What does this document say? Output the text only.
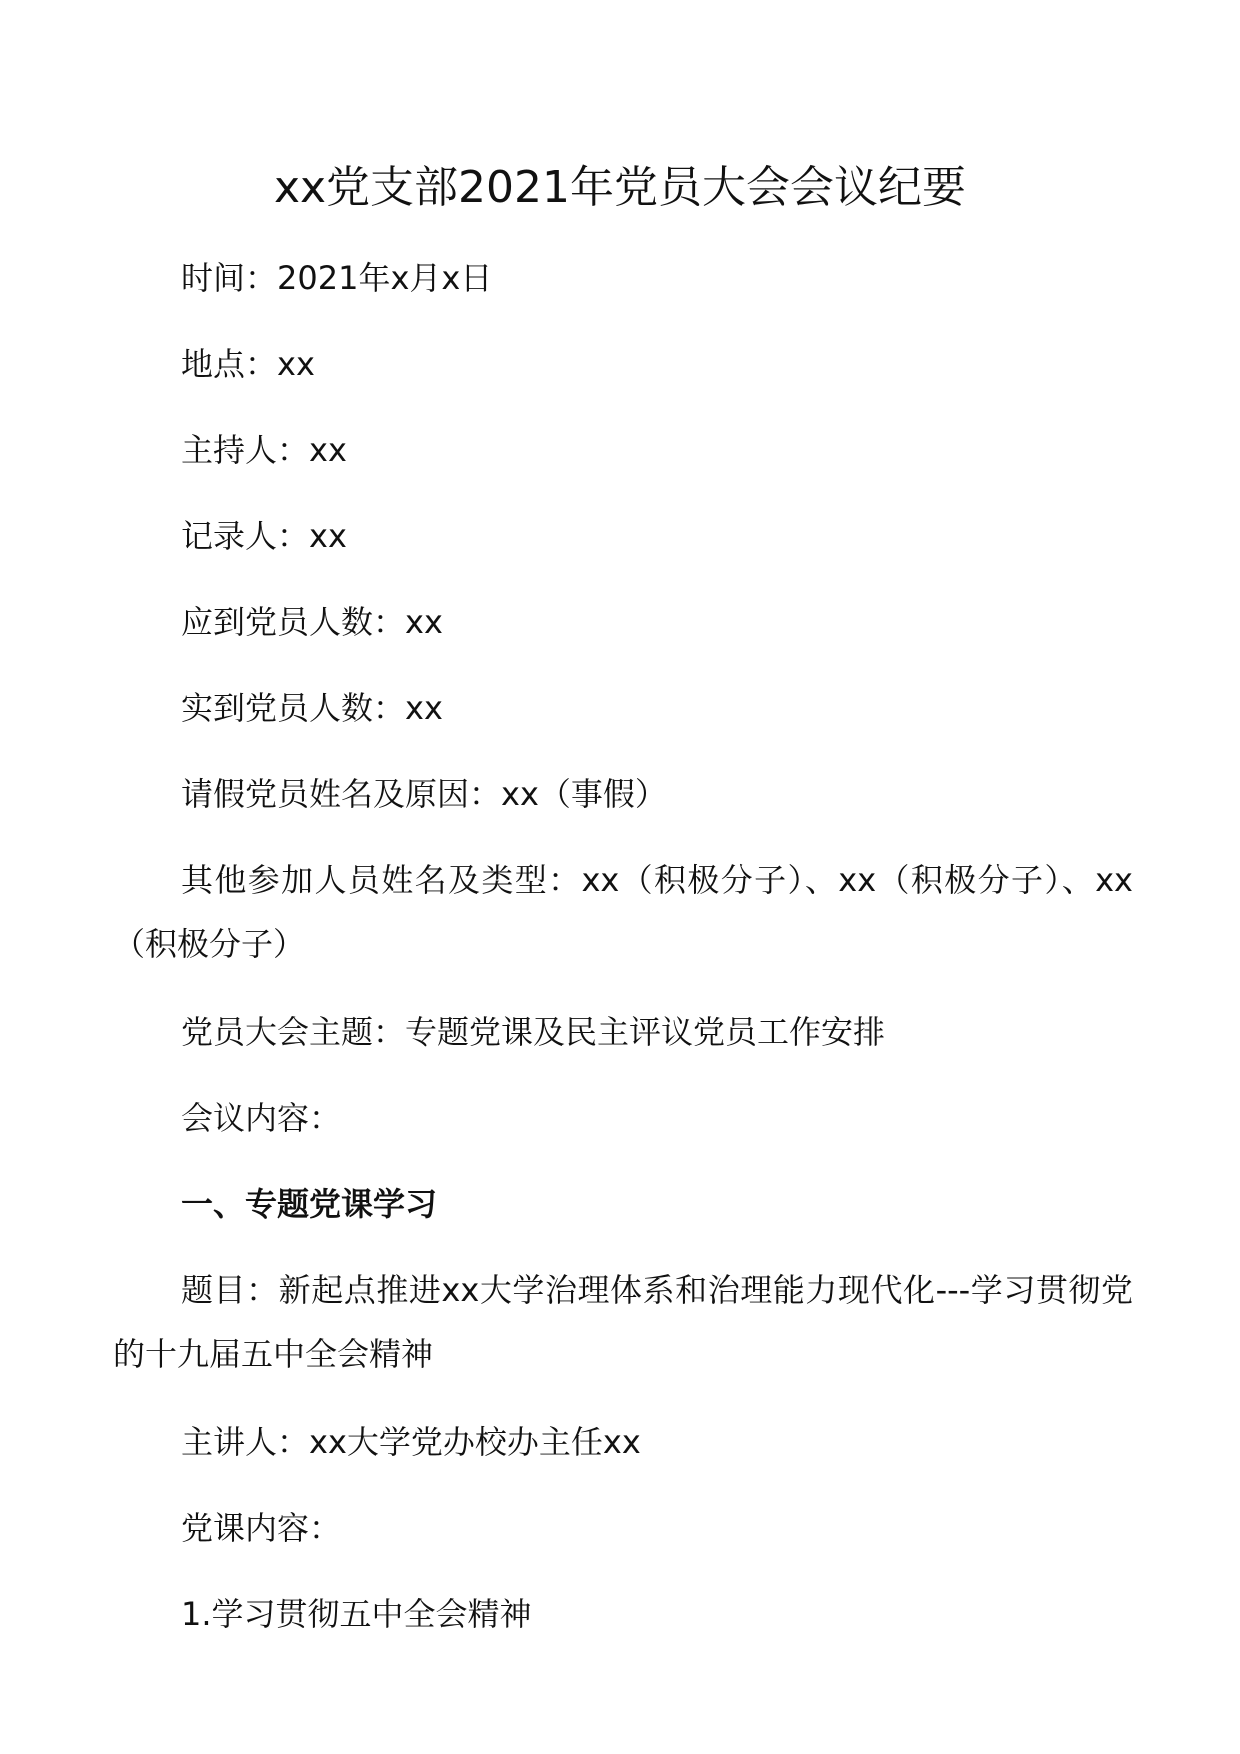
xx党支部2021年党员大会会议纪要
时间：2021年x月x日
地点：xx
主持人：xx
记录人：xx
应到党员人数：xx
实到党员人数：xx
请假党员姓名及原因：xx（事假）
其他参加人员姓名及类型：xx（积极分子）、xx（积极分子）、xx（积极分子）
党员大会主题：专题党课及民主评议党员工作安排
会议内容：
一、专题党课学习
题目：新起点推进xx大学治理体系和治理能力现代化---学习贯彻党的十九届五中全会精神
主讲人：xx大学党办校办主任xx
党课内容：
1.学习贯彻五中全会精神
